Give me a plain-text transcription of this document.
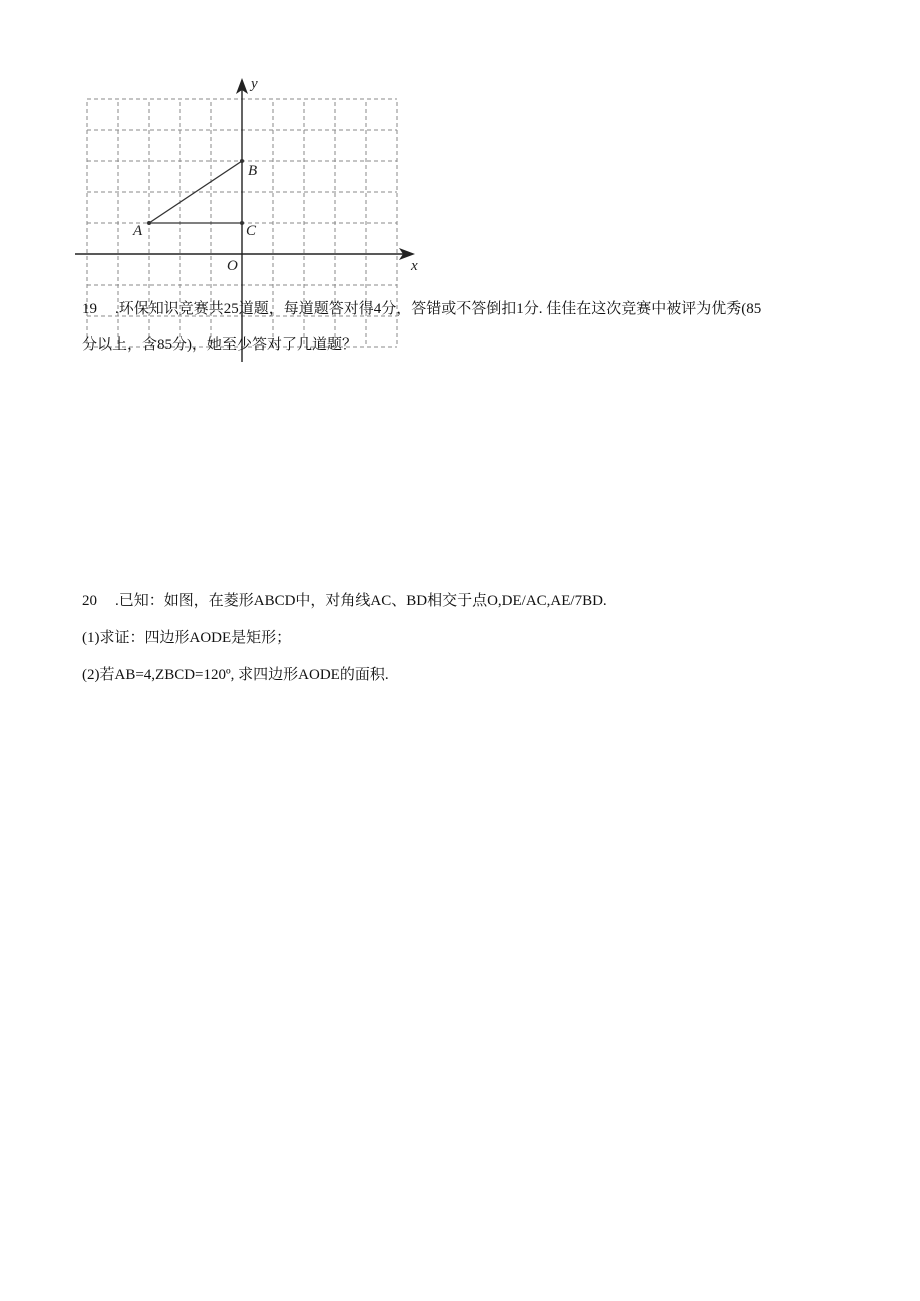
x
y
O
A
B
C
19 .环保知识竞赛共25道题，每道题答对得4分，答错或不答倒扣1分. 佳佳在这次竞赛中被评为优秀(85
分以上，含85分)，她至少答对了几道题？
20 .已知：如图，在菱形ABCD中，对角线AC、BD相交于点O,DE/AC,AE/7BD.
(1)求证：四边形AODE是矩形；
(2)若AB=4,ZBCD=120º, 求四边形AODE的面积.
